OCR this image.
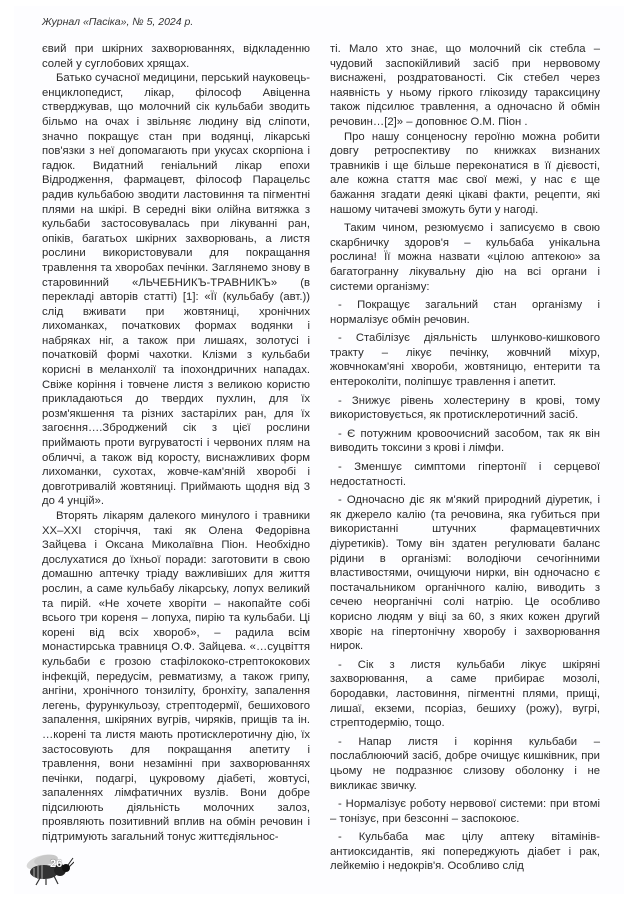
Журнал «Пасіка», № 5, 2024 р.

євий при шкірних захворюваннях, відкладенню солей у суглобових хрящах.

Батько сучасної медицини, перський науковець-енциклопедист, лікар, філософ Авіценна стверджував, що молочний сік кульбаби зводить більмо на очах і звільняє людину від сліпоти, значно покращує стан при водянці, лікарські пов'язки з неї допомагають при укусах скорпіона і гадюк. Видатний геніальний лікар епохи Відродження, фармацевт, філософ Парацельс радив кульбабою зводити ластовиння та пігментні плями на шкірі. В середні віки олійна витяжка з кульбаби застосовувалась при лікуванні ран, опіків, багатьох шкірних захворювань, а листя рослини використовували для покращання травлення та хворобах печінки. Заглянемо знову в старовинний «ЛЬЧЕБНИКЪ-ТРАВНИКЪ» (в перекладі авторів статті) [1]: «Її (кульбабу (авт.)) слід вживати при жовтяниці, хронічних лихоманках, початкових формах водянки і набряках ніг, а також при лишаях, золотусі і початковій формі чахотки. Клізми з кульбаби корисні в меланхолії та іпохондричних нападах. Свіже коріння і товчене листя з великою користю прикладаються до твердих пухлин, для їх розм'якшення та різних застарілих ран, для їх загоєння….Зброджений сік з цієї рослини приймають проти вугруватості і червоних плям на обличчі, а також від коросту, виснажливих форм лихоманки, сухотах, жовче-кам'яній хворобі і довготривалій жовтяниці. Приймають щодня від 3 до 4 унцій».

Вторять лікарям далекого минулого і травники XX–XXI сторіччя, такі як Олена Федорівна Зайцева і Оксана Миколаївна Піон. Необхідно дослухатися до їхньої поради: заготовити в свою домашню аптечку тріаду важливіших для життя рослин, а саме кульбабу лікарську, лопух великий та пирій. «Не хочете хворіти – накопайте собі всього три кореня – лопуха, пирію та кульбаби. Ці корені від всіх хвороб», – радила всім монастирська травниця О.Ф. Зайцева. «…суцвіття кульбаби є грозою стафілококо-стрептококових інфекцій, передусім, ревматизму, а також грипу, ангіни, хронічного тонзиліту, бронхіту, запалення легень, фурункульозу, стрептодермії, бешихового запалення, шкіряних вугрів, чиряків, прищів та ін. …корені та листя мають протисклеротичну дію, їх застосовують для покращання апетиту і травлення, вони незамінні при захворюваннях печінки, подагрі, цукровому діабеті, жовтусі, запаленнях лімфатичних вузлів. Вони добре підсилюють діяльність молочних залоз, проявляють позитивний вплив на обмін речовин і підтримують загальний тонус життєдіяльнос-

ті. Мало хто знає, що молочний сік стебла – чудовий заспокійливий засіб при нервовому виснажені, роздратованості. Сік стебел через наявність у ньому гіркого глікозиду тараксицину також підсилює травлення, а одночасно й обмін речовин…[2]» – доповнює О.М. Піон .

Про нашу сонценосну героїню можна робити довгу ретроспективу по книжках визнаних травників і ще більше переконатися в її дієвості, але кожна стаття має свої межі, у нас є ще бажання згадати деякі цікаві факти, рецепти, які нашому читачеві зможуть бути у нагоді.

Таким чином, резюмуємо і записуємо в свою скарбничку здоров'я – кульбаба унікальна рослина! Її можна назвати «цілою аптекою» за багатогранну лікувальну дію на всі органи і системи організму:

- Покращує загальний стан організму і нормалізує обмін речовин.

- Стабілізує діяльність шлунково-кишкового тракту – лікує печінку, жовчний міхур, жовчнокам'яні хвороби, жовтяницю, ентерити та ентероколіти, поліпшує травлення і апетит.

- Знижує рівень холестерину в крові, тому використовується, як протисклеротичний засіб.

- Є потужним кровоочисний засобом, так як він виводить токсини з крові і лімфи.

- Зменшує симптоми гіпертонії і серцевої недостатності.

- Одночасно діє як м'який природний діуретик, і як джерело калію (та речовина, яка губиться при використанні штучних фармацевтичних діуретиків). Тому він здатен регулювати баланс рідини в організмі: володіючи сечогінними властивостями, очищуючи нирки, він одночасно є постачальником органічного калію, виводить з сечею неорганічні солі натрію. Це особливо корисно людям у віці за 60, з яких кожен другий хворіє на гіпертонічну хворобу і захворювання нирок.

- Сік з листя кульбаби лікує шкіряні захворювання, а саме прибирає мозолі, бородавки, ластовиння, пігментні плями, прищі, лишаї, екземи, псоріаз, бешиху (рожу), вугрі, стрептодермію, тощо.

- Напар листя і коріння кульбаби – послаблюючий засіб, добре очищує кишківник, при цьому не подразнює слизову оболонку і не викликає звичку.

- Нормалізує роботу нервової системи: при втомі – тонізує, при безсонні – заспокоює.

- Кульбаба має цілу аптеку вітамінів-антиоксидантів, які попереджують діабет і рак, лейкемію і недокрів'я. Особливо слід

26
